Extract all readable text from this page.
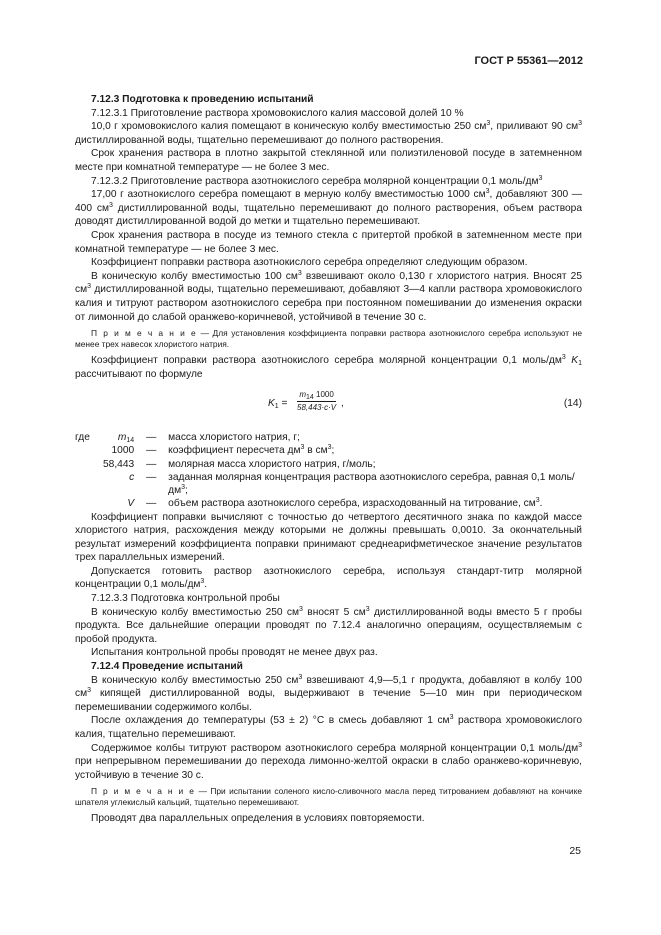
ГОСТ Р 55361—2012

7.12.3 Подготовка к проведению испытаний

7.12.3.1 Приготовление раствора хромовокислого калия массовой долей 10 %

10,0 г хромовокислого калия помещают в коническую колбу вместимостью 250 $см^3$, приливают 90 $см^3$ дистиллированной воды, тщательно перемешивают до полного растворения.

Срок хранения раствора в плотно закрытой стеклянной или полиэтиленовой посуде в затемненном месте при комнатной температуре — не более 3 мес.

7.12.3.2 Приготовление раствора азотнокислого серебра молярной концентрации 0,1 моль/$дм^3$

17,00 г азотнокислого серебра помещают в мерную колбу вместимостью 1000 $см^3$, добавляют 300 — 400 $см^3$ дистиллированной воды, тщательно перемешивают до полного растворения, объем раствора доводят дистиллированной водой до метки и тщательно перемешивают.

Срок хранения раствора в посуде из темного стекла с притертой пробкой в затемненном месте при комнатной температуре — не более 3 мес.

Коэффициент поправки раствора азотнокислого серебра определяют следующим образом.

В коническую колбу вместимостью 100 $см^3$ взвешивают около 0,130 г хлористого натрия. Вносят 25 $см^3$ дистиллированной воды, тщательно перемешивают, добавляют 3—4 капли раствора хромовокислого калия и титруют раствором азотнокислого серебра при постоянном помешивании до изменения окраски от лимонной до слабой оранжево-коричневой, устойчивой в течение 30 с.

П р и м е ч а н и е — Для установления коэффициента поправки раствора азотнокислого серебра используют не менее трех навесок хлористого натрия.

Коэффициент поправки раствора азотнокислого серебра молярной концентрации 0,1 моль/$дм^3$ $K_1$ рассчитывают по формуле

$K_1 = \frac{m_{14} 1000}{58,443\cdot c\cdot V}$ ,	(14)
где	$m_{14}$	—	масса хлористого натрия, г;
	1000	—	коэффициент пересчета $дм^3$ в $см^3$;
	58,443	—	молярная масса хлористого натрия, г/моль;
	c	—	заданная молярная концентрация раствора азотнокислого серебра, равная 0,1 моль/$дм^3$;
	V	—	объем раствора азотнокислого серебра, израсходованный на титрование, $см^3$.

Коэффициент поправки вычисляют с точностью до четвертого десятичного знака по каждой массе хлористого натрия, расхождения между которыми не должны превышать 0,0010. За окончательный результат измерений коэффициента поправки принимают среднеарифметическое значение результатов трех параллельных измерений.

Допускается готовить раствор азотнокислого серебра, используя стандарт-титр молярной концентрации 0,1 моль/$дм^3$.

7.12.3.3 Подготовка контрольной пробы

В коническую колбу вместимостью 250 $см^3$ вносят 5 $см^3$ дистиллированной воды вместо 5 г пробы продукта. Все дальнейшие операции проводят по 7.12.4 аналогично операциям, осуществляемым с пробой продукта.

Испытания контрольной пробы проводят не менее двух раз.

7.12.4 Проведение испытаний

В коническую колбу вместимостью 250 $см^3$ взвешивают 4,9—5,1 г продукта, добавляют в колбу 100 $см^3$ кипящей дистиллированной воды, выдерживают в течение 5—10 мин при периодическом перемешивании содержимого колбы.

После охлаждения до температуры (53 ± 2) °C в смесь добавляют 1 $см^3$ раствора хромовокислого калия, тщательно перемешивают.

Содержимое колбы титруют раствором азотнокислого серебра молярной концентрации 0,1 моль/$дм^3$ при непрерывном перемешивании до перехода лимонно-желтой окраски в слабо оранжево-коричневую, устойчивую в течение 30 с.

П р и м е ч а н и е — При испытании соленого кисло-сливочного масла перед титрованием добавляют на кончике шпателя углекислый кальций, тщательно перемешивают.

Проводят два параллельных определения в условиях повторяемости.

25
